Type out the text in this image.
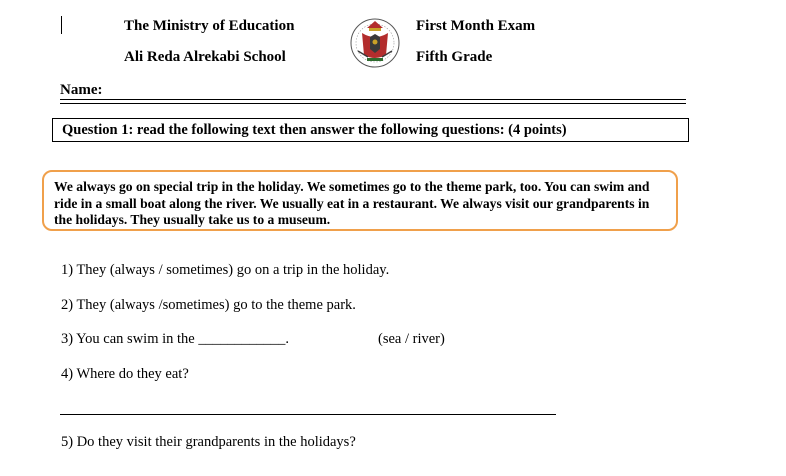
The Ministry of Education
Ali Reda Alrekabi School
First Month Exam
Fifth Grade
Name:
Question 1: read the following text then answer the following questions: (4 points)
We always go on special trip in the holiday. We sometimes go to the theme park, too. You can swim and ride in a small boat along the river. We usually eat in a restaurant. We always visit our grandparents in the holidays. They usually take us to a museum.
1) They (always / sometimes) go on a trip in the holiday.
2) They (always /sometimes) go to the theme park.
3) You can swim in the ____________.	(sea / river)
4) Where do they eat?
5) Do they visit their grandparents in the holidays?
